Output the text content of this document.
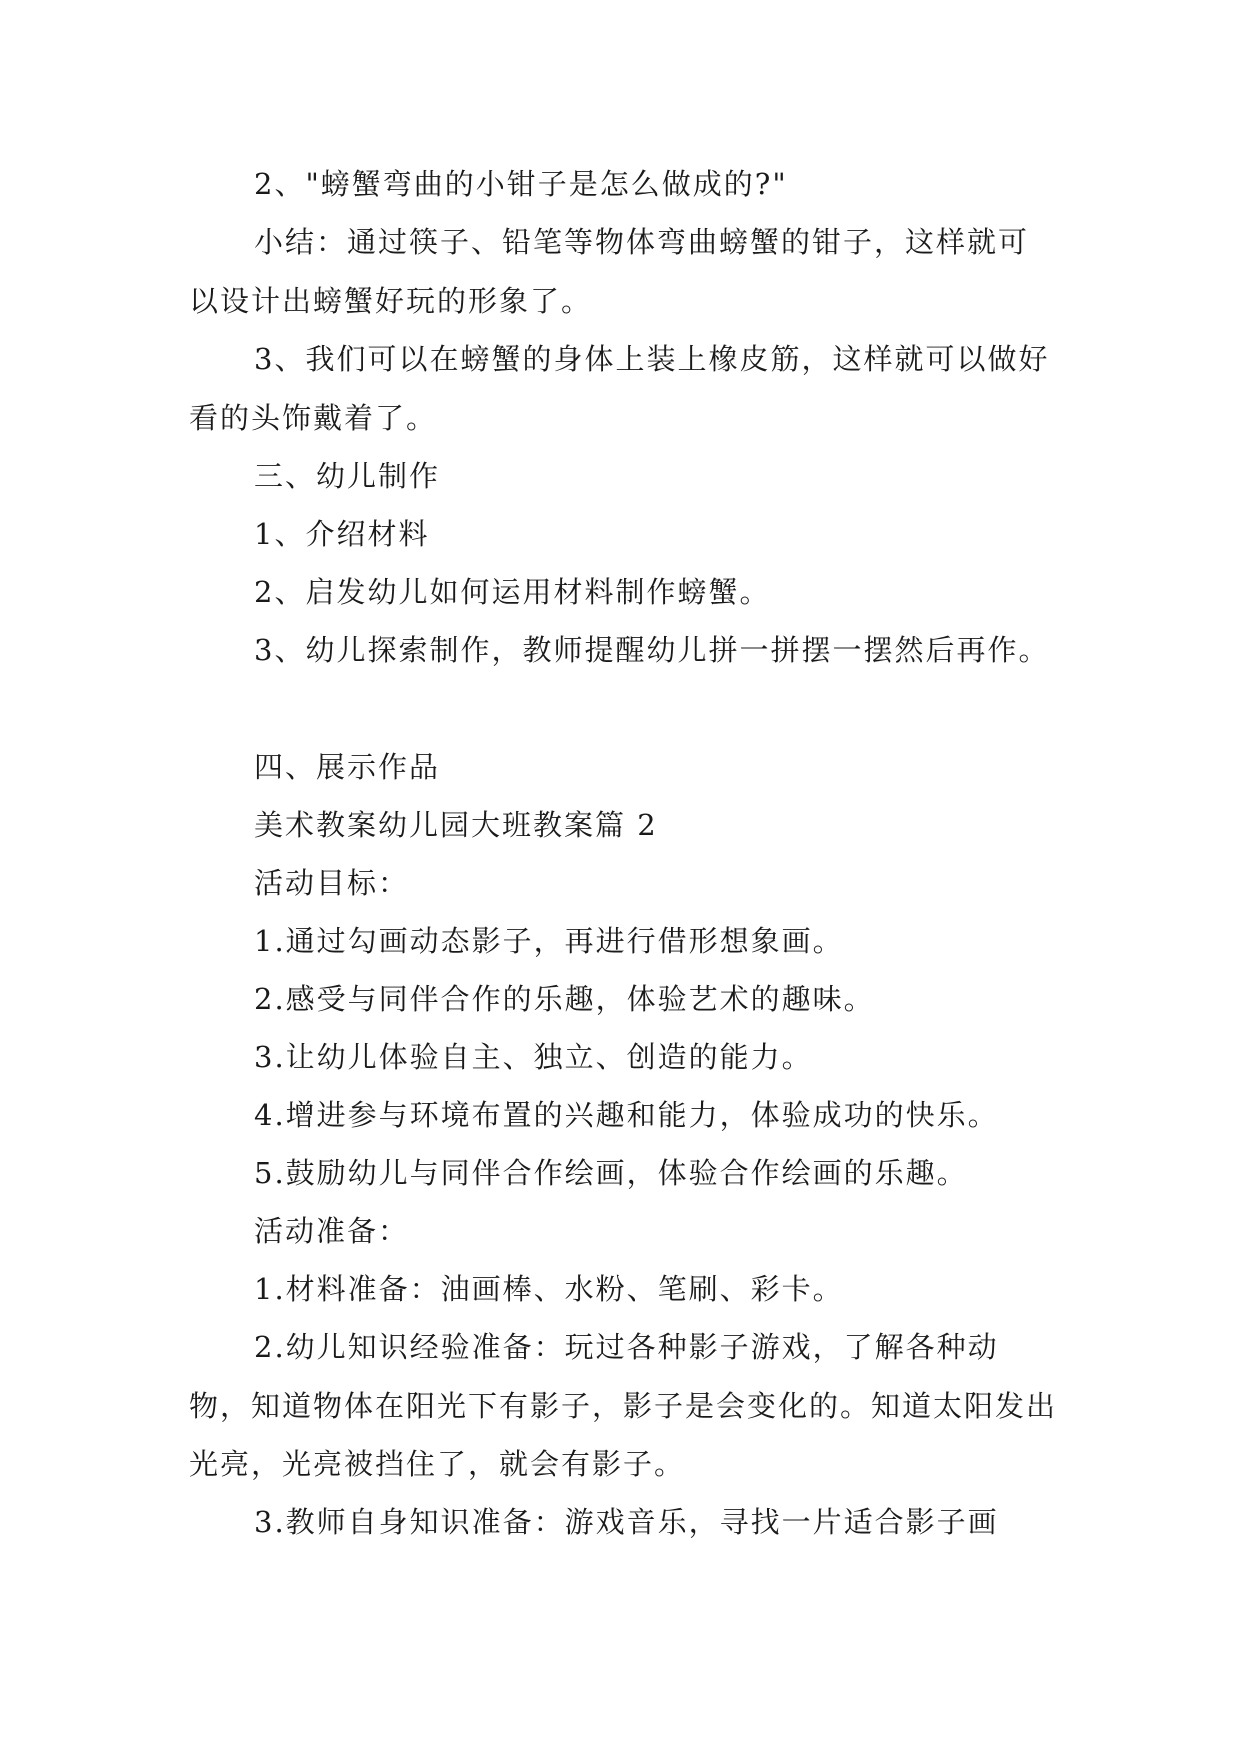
2、"螃蟹弯曲的小钳子是怎么做成的?"

小结：通过筷子、铅笔等物体弯曲螃蟹的钳子，这样就可以设计出螃蟹好玩的形象了。

3、我们可以在螃蟹的身体上装上橡皮筋，这样就可以做好看的头饰戴着了。

三、幼儿制作

1、介绍材料

2、启发幼儿如何运用材料制作螃蟹。

3、幼儿探索制作，教师提醒幼儿拼一拼摆一摆然后再作。

四、展示作品

美术教案幼儿园大班教案篇 2

活动目标：

1.通过勾画动态影子，再进行借形想象画。

2.感受与同伴合作的乐趣，体验艺术的趣味。

3.让幼儿体验自主、独立、创造的能力。

4.增进参与环境布置的兴趣和能力，体验成功的快乐。

5.鼓励幼儿与同伴合作绘画，体验合作绘画的乐趣。

活动准备：

1.材料准备：油画棒、水粉、笔刷、彩卡。

2.幼儿知识经验准备：玩过各种影子游戏，了解各种动物，知道物体在阳光下有影子，影子是会变化的。知道太阳发出光亮，光亮被挡住了，就会有影子。

3.教师自身知识准备：游戏音乐，寻找一片适合影子画
